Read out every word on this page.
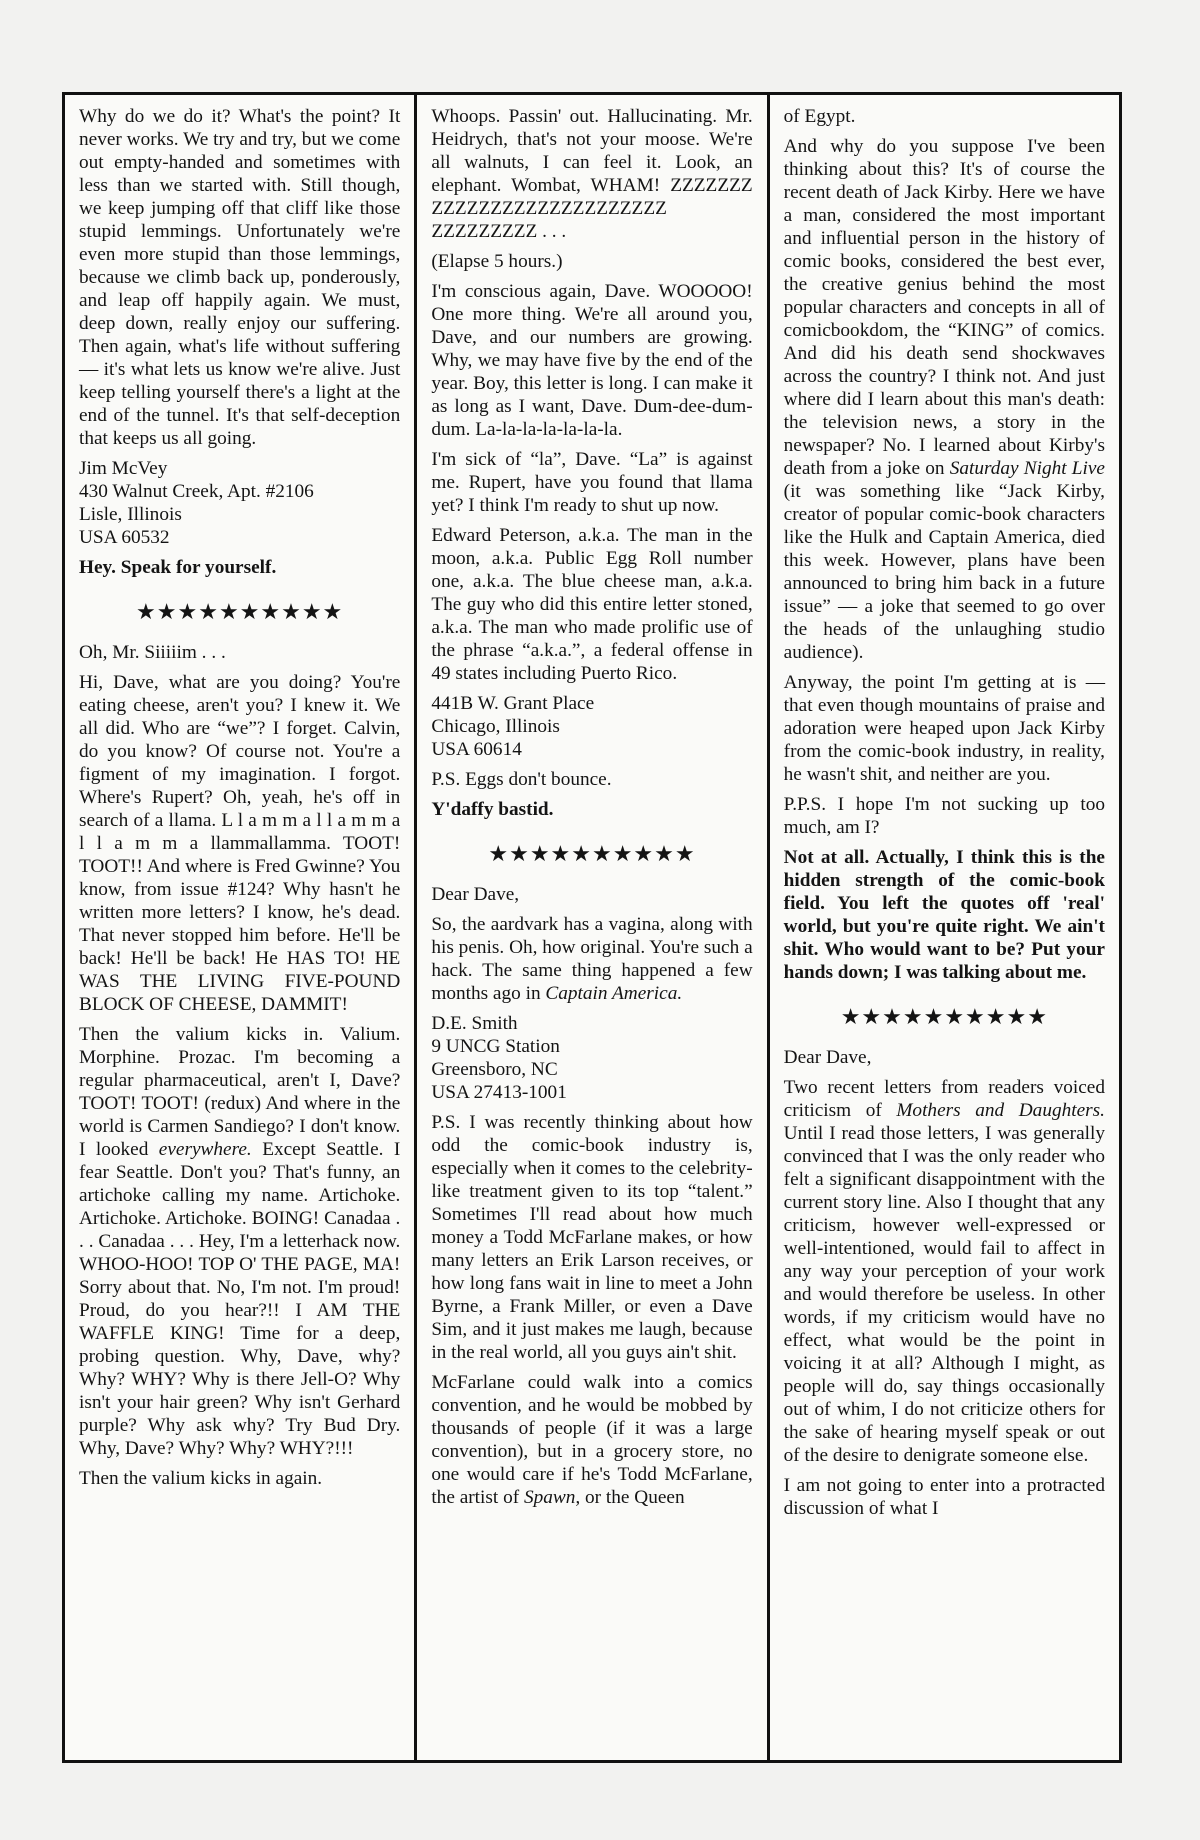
Why do we do it? What's the point? It never works. We try and try, but we come out empty-handed and sometimes with less than we started with. Still though, we keep jumping off that cliff like those stupid lemmings. Unfortunately we're even more stupid than those lemmings, because we climb back up, ponderously, and leap off happily again. We must, deep down, really enjoy our suffering. Then again, what's life without suffering — it's what lets us know we're alive. Just keep telling yourself there's a light at the end of the tunnel. It's that self-deception that keeps us all going.

Jim McVey
430 Walnut Creek, Apt. #2106
Lisle, Illinois
USA 60532

Hey. Speak for yourself.

★★★★★★★★★★

Oh, Mr. Siiiiim . . .

Hi, Dave, what are you doing? You're eating cheese, aren't you? I knew it. We all did. Who are “we”? I forget. Calvin, do you know? Of course not. You're a figment of my imagination. I forgot. Where's Rupert? Oh, yeah, he's off in search of a llama. L l a m m a l l a m m a l l a m m a llammallamma. TOOT! TOOT!! And where is Fred Gwinne? You know, from issue #124? Why hasn't he written more letters? I know, he's dead. That never stopped him before. He'll be back! He'll be back! He HAS TO! HE WAS THE LIVING FIVE-POUND BLOCK OF CHEESE, DAMMIT!

Then the valium kicks in. Valium. Morphine. Prozac. I'm becoming a regular pharmaceutical, aren't I, Dave? TOOT! TOOT! (redux) And where in the world is Carmen Sandiego? I don't know. I looked everywhere. Except Seattle. I fear Seattle. Don't you? That's funny, an artichoke calling my name. Artichoke. Artichoke. Artichoke. BOING! Canadaa . . . Canadaa . . . Hey, I'm a letterhack now. WHOO-HOO! TOP O' THE PAGE, MA! Sorry about that. No, I'm not. I'm proud! Proud, do you hear?!! I AM THE WAFFLE KING! Time for a deep, probing question. Why, Dave, why? Why? WHY? Why is there Jell-O? Why isn't your hair green? Why isn't Gerhard purple? Why ask why? Try Bud Dry. Why, Dave? Why? Why? WHY?!!!

Then the valium kicks in again.

Whoops. Passin' out. Hallucinating. Mr. Heidrych, that's not your moose. We're all walnuts, I can feel it. Look, an elephant. Wombat, WHAM! ZZZZZZZ ZZZZZZZZZZZZZZZZZZZZ ZZZZZZZZZ . . .

(Elapse 5 hours.)

I'm conscious again, Dave. WOOOOO! One more thing. We're all around you, Dave, and our numbers are growing. Why, we may have five by the end of the year. Boy, this letter is long. I can make it as long as I want, Dave. Dum-dee-dum-dum. La-la-la-la-la-la-la.

I'm sick of “la”, Dave. “La” is against me. Rupert, have you found that llama yet? I think I'm ready to shut up now.

Edward Peterson, a.k.a. The man in the moon, a.k.a. Public Egg Roll number one, a.k.a. The blue cheese man, a.k.a. The guy who did this entire letter stoned, a.k.a. The man who made prolific use of the phrase “a.k.a.”, a federal offense in 49 states including Puerto Rico.

441B W. Grant Place
Chicago, Illinois
USA 60614

P.S. Eggs don't bounce.

Y'daffy bastid.

★★★★★★★★★★

Dear Dave,

So, the aardvark has a vagina, along with his penis. Oh, how original. You're such a hack. The same thing happened a few months ago in Captain America.

D.E. Smith
9 UNCG Station
Greensboro, NC
USA 27413-1001

P.S. I was recently thinking about how odd the comic-book industry is, especially when it comes to the celebrity-like treatment given to its top “talent.” Sometimes I'll read about how much money a Todd McFarlane makes, or how many letters an Erik Larson receives, or how long fans wait in line to meet a John Byrne, a Frank Miller, or even a Dave Sim, and it just makes me laugh, because in the real world, all you guys ain't shit.

McFarlane could walk into a comics convention, and he would be mobbed by thousands of people (if it was a large convention), but in a grocery store, no one would care if he's Todd McFarlane, the artist of Spawn, or the Queen

of Egypt.

And why do you suppose I've been thinking about this? It's of course the recent death of Jack Kirby. Here we have a man, considered the most important and influential person in the history of comic books, considered the best ever, the creative genius behind the most popular characters and concepts in all of comicbookdom, the “KING” of comics. And did his death send shockwaves across the country? I think not. And just where did I learn about this man's death: the television news, a story in the newspaper? No. I learned about Kirby's death from a joke on Saturday Night Live (it was something like “Jack Kirby, creator of popular comic-book characters like the Hulk and Captain America, died this week. However, plans have been announced to bring him back in a future issue” — a joke that seemed to go over the heads of the unlaughing studio audience).

Anyway, the point I'm getting at is — that even though mountains of praise and adoration were heaped upon Jack Kirby from the comic-book industry, in reality, he wasn't shit, and neither are you.

P.P.S. I hope I'm not sucking up too much, am I?

Not at all. Actually, I think this is the hidden strength of the comic-book field. You left the quotes off 'real' world, but you're quite right. We ain't shit. Who would want to be? Put your hands down; I was talking about me.

★★★★★★★★★★

Dear Dave,

Two recent letters from readers voiced criticism of Mothers and Daughters. Until I read those letters, I was generally convinced that I was the only reader who felt a significant disappointment with the current story line. Also I thought that any criticism, however well-expressed or well-intentioned, would fail to affect in any way your perception of your work and would therefore be useless. In other words, if my criticism would have no effect, what would be the point in voicing it at all? Although I might, as people will do, say things occasionally out of whim, I do not criticize others for the sake of hearing myself speak or out of the desire to denigrate someone else.

I am not going to enter into a protracted discussion of what I
